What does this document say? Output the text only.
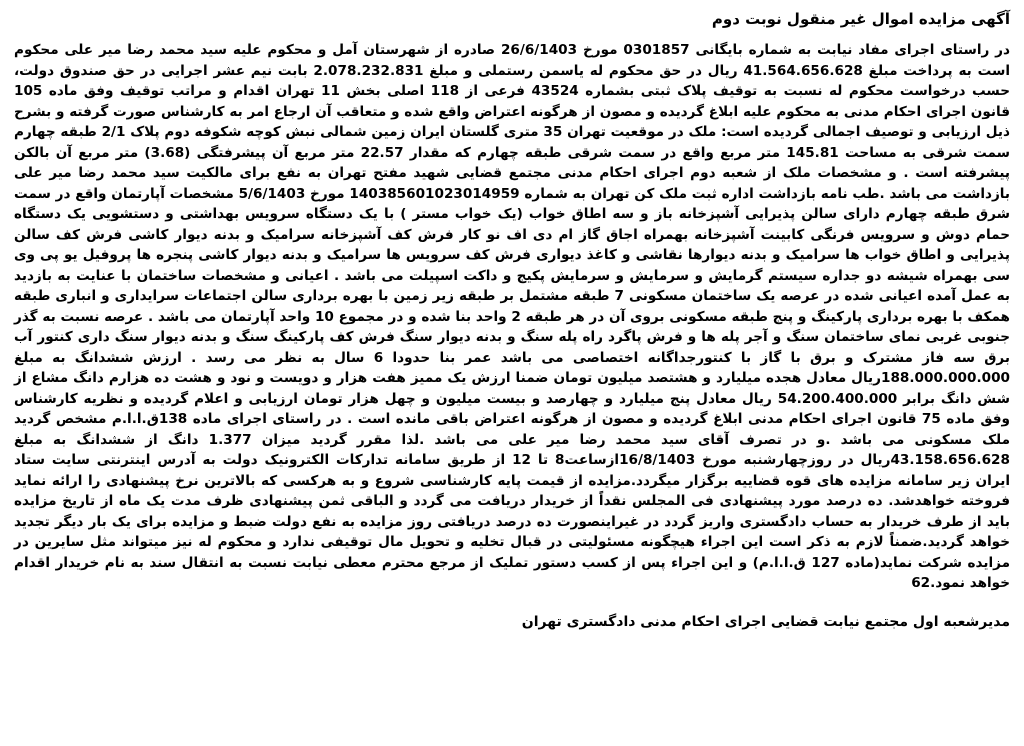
آگهی مزایده اموال غیر منقول نوبت دوم

در راستای اجرای مفاد نیابت به شماره بایگانی 0301857 مورخ 26/6/1403 صادره از شهرستان آمل و محکوم علیه سید محمد رضا میر علی محکوم است به پرداخت مبلغ 41.564.656.628 ریال در حق محکوم له یاسمن رستملی و مبلغ 2.078.232.831 بابت نیم عشر اجرایی در حق صندوق دولت، حسب درخواست محکوم له نسبت به توقیف پلاک ثبتی بشماره 43524 فرعی از 118 اصلی بخش 11 تهران اقدام و مراتب توقیف وفق ماده 105 قانون اجرای احکام مدنی به محکوم علیه ابلاغ گردیده و مصون از هرگونه اعتراض واقع شده و متعاقب آن ارجاع امر به کارشناس صورت گرفته و بشرح ذیل ارزیابی و توصیف اجمالی گردیده است: ملک در موقعیت تهران 35 متری گلستان ایران زمین شمالی نبش کوچه شکوفه دوم پلاک 2/1 طبقه چهارم سمت شرقی به مساحت 145.81 متر مربع واقع در سمت شرقی طبقه چهارم که مقدار 22.57 متر مربع آن پیشرفتگی (3.68) متر مربع آن بالکن پیشرفته است . و مشخصات ملک از شعبه دوم اجرای احکام مدنی مجتمع قضایی شهید مفتح تهران به نفع برای مالکیت سید محمد رضا میر علی بازداشت می باشد .طب نامه بازداشت اداره ثبت ملک کن تهران به شماره 140385601023014959 مورخ 5/6/1403 مشخصات آپارتمان واقع در سمت شرق طبقه چهارم دارای سالن پذیرایی آشپزخانه باز و سه اطاق خواب (یک خواب مستر ) با یک دستگاه سرویس بهداشتی و دستشویی یک دستگاه حمام دوش و سرویس فرنگی کابینت آشپزخانه بهمراه اجاق گاز ام دی اف نو کار فرش کف آشپزخانه سرامیک و بدنه دیوار کاشی فرش کف سالن پذیرایی و اطاق خواب ها سرامیک و بدنه دیوارها نقاشی و کاغذ دیواری فرش کف سرویس ها سرامیک و بدنه دیوار کاشی پنجره ها پروفیل یو پی وی سی بهمراه شیشه دو جداره سیستم گرمایش و سرمایش و سرمایش پکیج و داکت اسپیلت می باشد . اعیانی و مشخصات ساختمان با عنایت به بازدید به عمل آمده اعیانی شده در عرصه یک ساختمان مسکونی 7 طبقه مشتمل بر طبقه زیر زمین با بهره برداری سالن اجتماعات سرایداری و انباری طبقه همکف با بهره برداری پارکینگ و پنج طبقه مسکونی بروی آن در هر طبقه 2 واحد بنا شده و در مجموع 10 واحد آپارتمان می باشد . عرصه نسبت به گذر جنوبی غربی نمای ساختمان سنگ و آجر پله ها و فرش پاگرد راه پله سنگ و بدنه دیوار سنگ فرش کف پارکینگ سنگ و بدنه دیوار سنگ داری کنتور آب برق سه فاز مشترک و برق با گاز با کنتورجداگانه اختصاصی می باشد عمر بنا حدودا 6 سال به نظر می رسد . ارزش ششدانگ به مبلغ 188.000.000.000ریال معادل هجده میلیارد و هشتصد میلیون تومان ضمنا ارزش یک ممیز هفت هزار و دویست و نود و هشت ده هزارم دانگ مشاع از شش دانگ برابر 54.200.400.000 ریال معادل پنج میلیارد و چهارصد و بیست میلیون و چهل هزار تومان ارزیابی و اعلام گردیده و نظریه کارشناس وفق ماده 75 قانون اجرای احکام مدنی ابلاغ گردیده و مصون از هرگونه اعتراض باقی مانده است . در راستای اجرای ماده 138ق.ا.ا.م مشخص گردید ملک مسکونی می باشد .و در تصرف آقای سید محمد رضا میر علی می باشد .لذا مقرر گردید میزان 1.377 دانگ از ششدانگ به مبلغ 43.158.656.628ریال در روزچهارشنبه مورخ 16/8/1403ازساعت8 تا 12 از طریق سامانه تدارکات الکترونیک دولت به آدرس اینترنتی سایت ستاد ایران زیر سامانه مزایده های قوه قضاییه برگزار میگردد.مزایده از قیمت پایه کارشناسی شروع و به هرکسی که بالاترین نرخ پیشنهادی را ارائه نماید فروخته خواهدشد. ده درصد مورد پیشنهادی فی المجلس نقداً از خریدار دریافت می گردد و الباقی ثمن پیشنهادی ظرف مدت یک ماه از تاریخ مزایده باید از طرف خریدار به حساب دادگستری واریز گردد در غیراینصورت ده درصد دریافتی روز مزایده به نفع دولت ضبط و مزایده برای یک بار دیگر تجدید خواهد گردید.ضمناً لازم به ذکر است این اجراء هیچگونه مسئولیتی در قبال تخلیه و تحویل مال توقیفی ندارد و محکوم له نیز میتواند مثل سایرین در مزایده شرکت نماید(ماده 127 ق.ا.ا.م) و این اجراء پس از کسب دستور تملیک از مرجع محترم معطی نیابت نسبت به انتقال سند به نام خریدار اقدام خواهد نمود.62

مدیرشعبه اول مجتمع نیابت قضایی اجرای احکام مدنی دادگستری تهران
